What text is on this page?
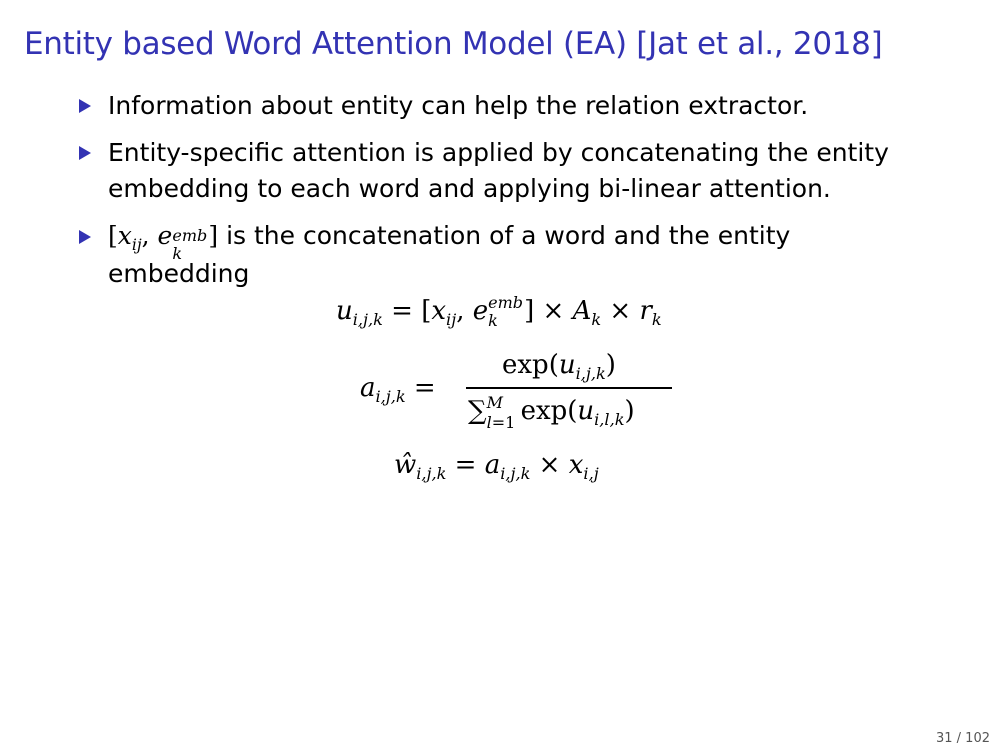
Entity based Word Attention Model (EA) [Jat et al., 2018]
Information about entity can help the relation extractor.
Entity-specific attention is applied by concatenating the entity
embedding to each word and applying bi-linear attention.
[$x_{ij}$, e emb
k
] is the concatenation of a word and the entity
embedding
$u_{i,j,k} = [x_{ij}$, e emb
k ] × $A_k \times r_k$
$a_{i,j,k}$ =
$\exp(u_{i,j,k})$
∑ M
l=1 $\exp(u_{i,l,k})$
$ŵ_{i,j,k} = a_{i,j,k} \times x_{i,j}$
31 / 102
